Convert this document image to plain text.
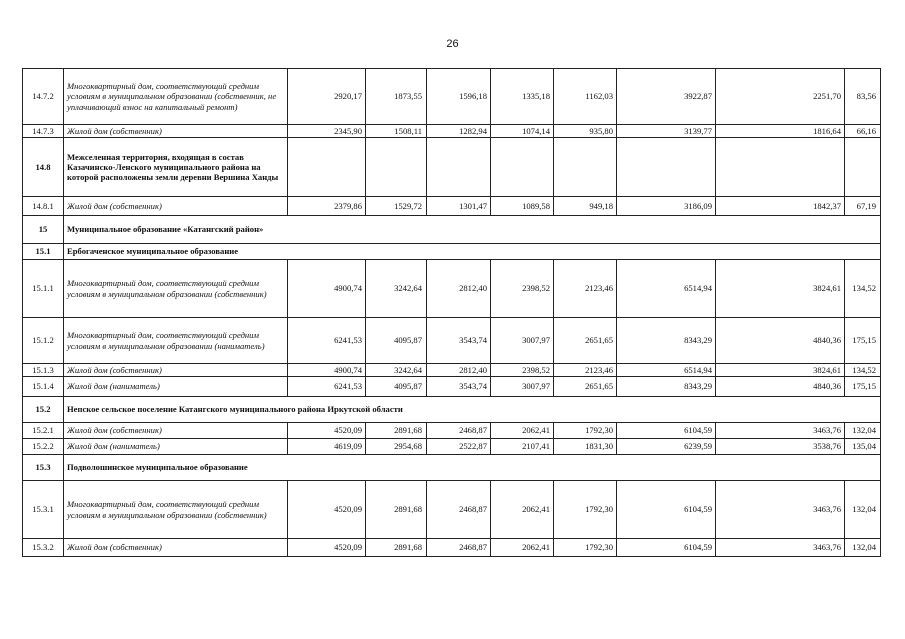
26
14.7.2	Многоквартирный дом, соответствующий средним условиям в муниципальном образовании (собственник, не уплачивающий взнос на капитальный ремонт)	2920,17	1873,55	1596,18	1335,18	1162,03	3922,87	2251,70	83,56
14.7.3	Жилой дом (собственник)	2345,90	1508,11	1282,94	1074,14	935,80	3139,77	1816,64	66,16
14.8	Межселенная территория, входящая в состав Казачинско-Ленского муниципального района на которой расположены земли деревни Вершина Ханды								
14.8.1	Жилой дом (собственник)	2379,86	1529,72	1301,47	1089,58	949,18	3186,09	1842,37	67,19
15	Муниципальное образование «Катангский район»								
15.1	Ербогаченское муниципальное образование								
15.1.1	Многоквартирный дом, соответствующий средним условиям в муниципальном образовании (собственник)	4900,74	3242,64	2812,40	2398,52	2123,46	6514,94	3824,61	134,52
15.1.2	Многоквартирный дом, соответствующий средним условиям в муниципальном образовании (наниматель)	6241,53	4095,87	3543,74	3007,97	2651,65	8343,29	4840,36	175,15
15.1.3	Жилой дом (собственник)	4900,74	3242,64	2812,40	2398,52	2123,46	6514,94	3824,61	134,52
15.1.4	Жилой дом (наниматель)	6241,53	4095,87	3543,74	3007,97	2651,65	8343,29	4840,36	175,15
15.2	Непское сельское поселение Катангского муниципального района Иркутской области								
15.2.1	Жилой дом (собственник)	4520,09	2891,68	2468,87	2062,41	1792,30	6104,59	3463,76	132,04
15.2.2	Жилой дом (наниматель)	4619,09	2954,68	2522,87	2107,41	1831,30	6239,59	3538,76	135,04
15.3	Подволошинское муниципальное образование								
15.3.1	Многоквартирный дом, соответствующий средним условиям в муниципальном образовании (собственник)	4520,09	2891,68	2468,87	2062,41	1792,30	6104,59	3463,76	132,04
15.3.2	Жилой дом (собственник)	4520,09	2891,68	2468,87	2062,41	1792,30	6104,59	3463,76	132,04
